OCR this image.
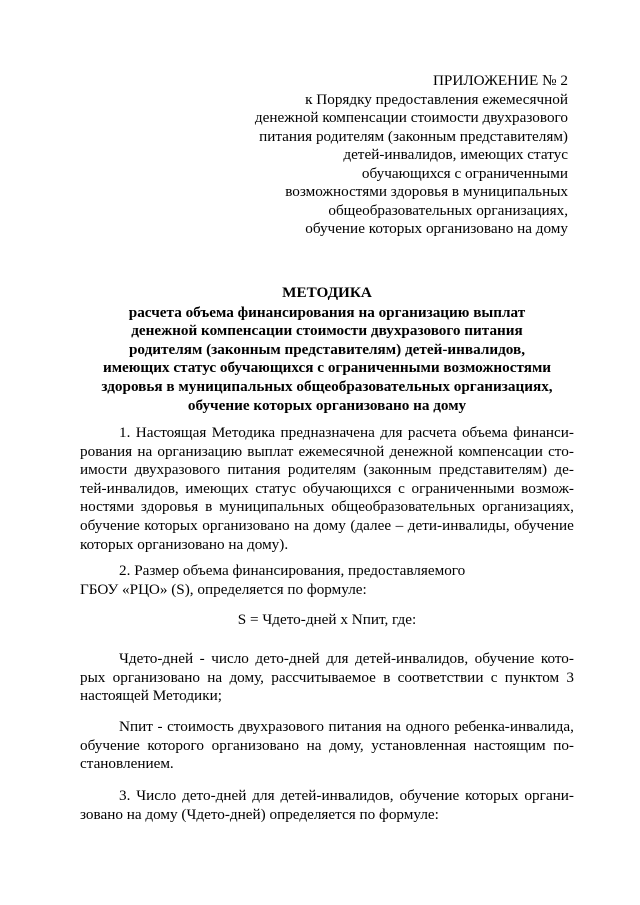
ПРИЛОЖЕНИЕ № 2
к Порядку предоставления ежемесячной
денежной компенсации стоимости двухразового
питания родителям (законным представителям)
детей-инвалидов, имеющих статус
обучающихся с ограниченными
возможностями здоровья в муниципальных
общеобразовательных организациях,
обучение которых организовано на дому
МЕТОДИКА
расчета объема финансирования на организацию выплат
денежной компенсации стоимости двухразового питания
родителям (законным представителям) детей-инвалидов,
имеющих статус обучающихся с ограниченными возможностями
здоровья в муниципальных общеобразовательных организациях,
обучение которых организовано на дому
1. Настоящая Методика предназначена для расчета объема финанси-
рования на организацию выплат ежемесячной денежной компенсации сто-
имости двухразового питания родителям (законным представителям) де-
тей-инвалидов, имеющих статус обучающихся с ограниченными возмож-
ностями здоровья в муниципальных общеобразовательных организациях,
обучение которых организовано на дому (далее – дети-инвалиды, обучение
которых организовано на дому).
2. Размер объема финансирования, предоставляемого
ГБОУ «РЦО» (S), определяется по формуле:
S = Чдето-дней x Nпит, где:
Чдето-дней - число дето-дней для детей-инвалидов, обучение кото-
рых организовано на дому, рассчитываемое в соответствии с пунктом 3
настоящей Методики;
Nпит - стоимость двухразового питания на одного ребенка-инвалида,
обучение которого организовано на дому, установленная настоящим по-
становлением.
3. Число дето-дней для детей-инвалидов, обучение которых органи-
зовано на дому (Чдето-дней) определяется по формуле:
